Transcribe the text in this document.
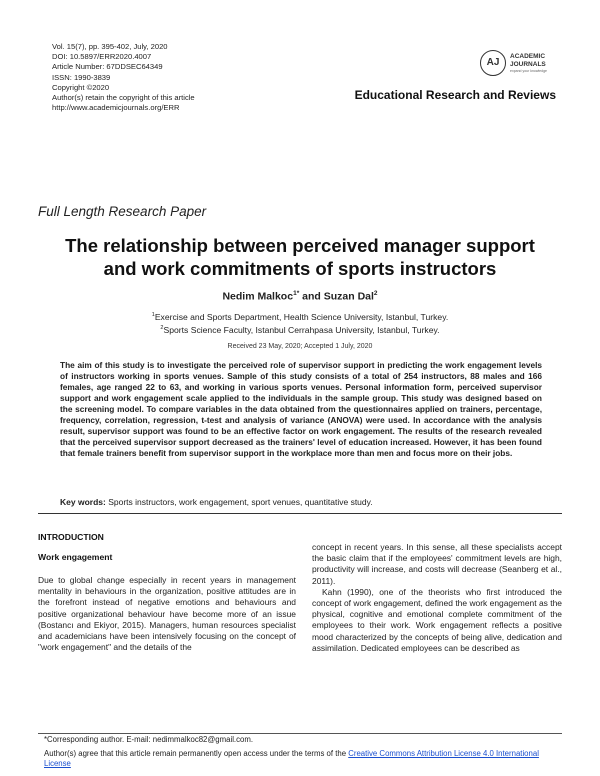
Vol. 15(7), pp. 395-402, July, 2020
DOI: 10.5897/ERR2020.4007
Article Number: 67DDSEC64349
ISSN: 1990-3839
Copyright ©2020
Author(s) retain the copyright of this article
http://www.academicjournals.org/ERR
AJ
ACADEMIC
JOURNALS
expand your knowledge
Educational Research and Reviews
Full Length Research Paper
The relationship between perceived manager support
and work commitments of sports instructors
Nedim Malkoc$^{1*}$ and Suzan Dal$^2$
$^1$Exercise and Sports Department, Health Science University, Istanbul, Turkey.
$^2$Sports Science Faculty, Istanbul Cerrahpasa University, Istanbul, Turkey.
Received 23 May, 2020; Accepted 1 July, 2020
The aim of this study is to investigate the perceived role of supervisor support in predicting the work engagement levels of instructors working in sports venues. Sample of this study consists of a total of 254 instructors, 88 males and 166 females, age ranged 22 to 63, and working in various sports venues. Personal information form, perceived supervisor support and work engagement scale applied to the individuals in the sample group. This study was designed based on the screening model. To compare variables in the data obtained from the questionnaires applied on trainers, percentage, frequency, correlation, regression, t-test and analysis of variance (ANOVA) were used. In accordance with the analysis result, supervisor support was found to be an effective factor on work engagement. The results of the research revealed that the perceived supervisor support decreased as the trainers' level of education increased. However, it has been found that female trainers benefit from supervisor support in the workplace more than men and focus more on their jobs.
Key words: Sports instructors, work engagement, sport venues, quantitative study.
INTRODUCTION
Work engagement

Due to global change especially in recent years in management mentality in behaviours in the organization, positive attitudes are in the forefront instead of negative emotions and behaviours and positive organizational behaviour have become more of an issue (Bostancı and Ekiyor, 2015). Managers, human resources specialist and academicians have been intensively focusing on the concept of "work engagement" and the details of the

concept in recent years. In this sense, all these specialists accept the basic claim that if the employees' commitment levels are high, productivity will increase, and costs will decrease (Seanberg et al., 2011).

Kahn (1990), one of the theorists who first introduced the concept of work engagement, defined the work engagement as the physical, cognitive and emotional complete commitment of the employees to their work. Work engagement reflects a positive mood characterized by the concepts of being alive, dedication and assimilation. Dedicated employees can be described as

*Corresponding author. E-mail: nedimmalkoc82@gmail.com.
Author(s) agree that this article remain permanently open access under the terms of the Creative Commons Attribution License 4.0 International License
